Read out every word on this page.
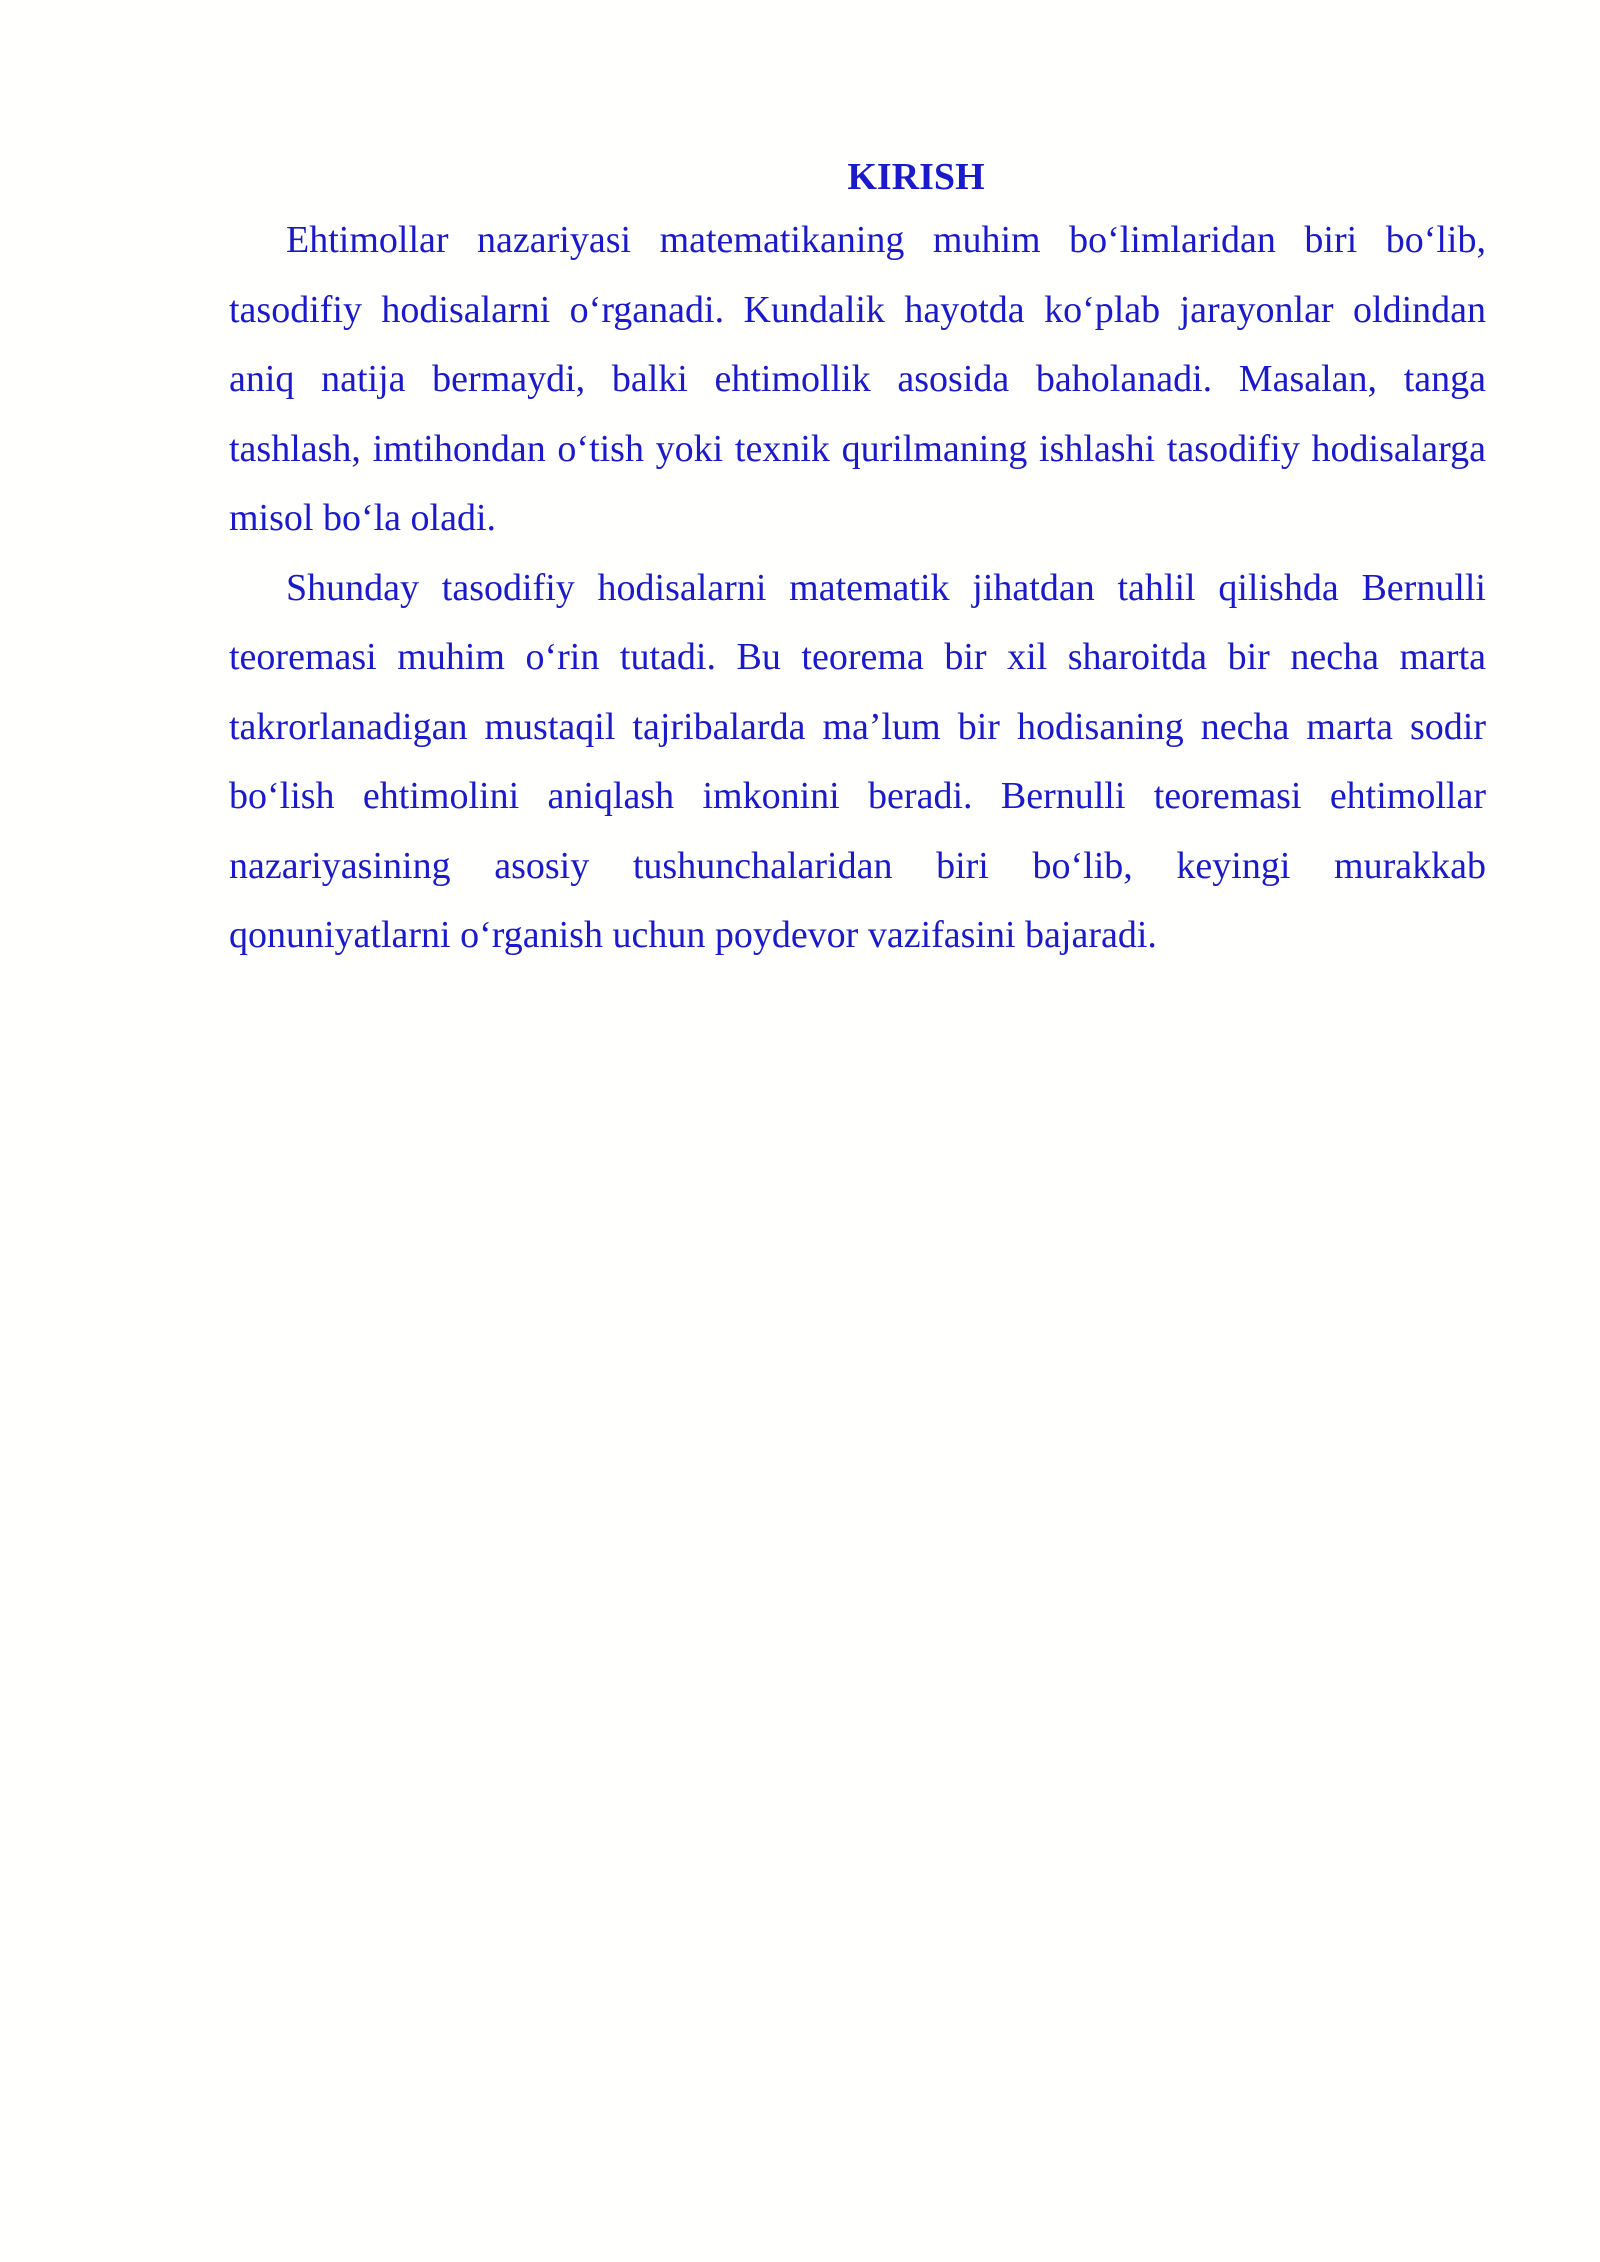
KIRISH

Ehtimollar nazariyasi matematikaning muhim bo‘limlaridan biri bo‘lib, tasodifiy hodisalarni o‘rganadi. Kundalik hayotda ko‘plab jarayonlar oldindan aniq natija bermaydi, balki ehtimollik asosida baholanadi. Masalan, tanga tashlash, imtihondan o‘tish yoki texnik qurilmaning ishlashi tasodifiy hodisalarga misol bo‘la oladi.

Shunday tasodifiy hodisalarni matematik jihatdan tahlil qilishda Bernulli teoremasi muhim o‘rin tutadi. Bu teorema bir xil sharoitda bir necha marta takrorlanadigan mustaqil tajribalarda ma’lum bir hodisaning necha marta sodir bo‘lish ehtimolini aniqlash imkonini beradi. Bernulli teoremasi ehtimollar nazariyasining asosiy tushunchalaridan biri bo‘lib, keyingi murakkab qonuniyatlarni o‘rganish uchun poydevor vazifasini bajaradi.
